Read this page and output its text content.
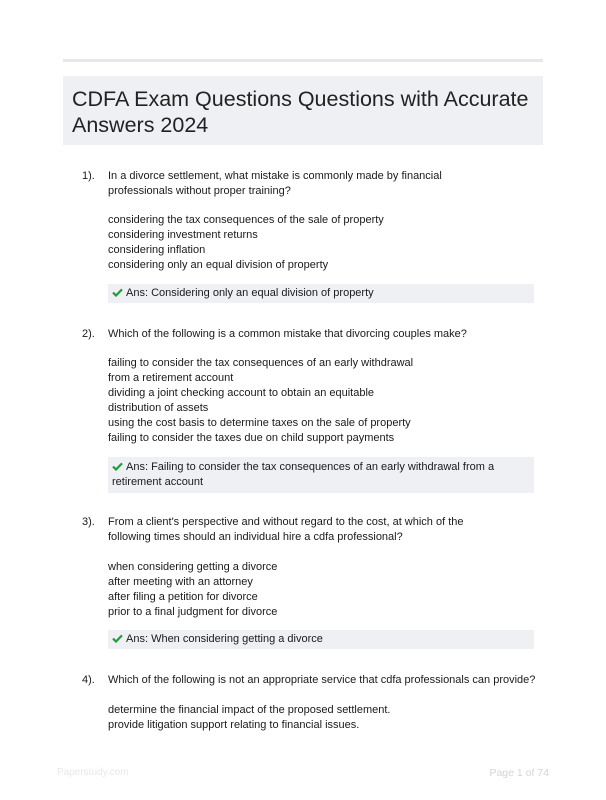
CDFA Exam Questions Questions with Accurate Answers 2024
1). In a divorce settlement, what mistake is commonly made by financial professionals without proper training?
considering the tax consequences of the sale of property
considering investment returns
considering inflation
considering only an equal division of property
Ans: Considering only an equal division of property
2). Which of the following is a common mistake that divorcing couples make?
failing to consider the tax consequences of an early withdrawal
from a retirement account
dividing a joint checking account to obtain an equitable
distribution of assets
using the cost basis to determine taxes on the sale of property
failing to consider the taxes due on child support payments
Ans: Failing to consider the tax consequences of an early withdrawal from a retirement account
3). From a client's perspective and without regard to the cost, at which of the following times should an individual hire a cdfa professional?
when considering getting a divorce
after meeting with an attorney
after filing a petition for divorce
prior to a final judgment for divorce
Ans: When considering getting a divorce
4). Which of the following is not an appropriate service that cdfa professionals can provide?
determine the financial impact of the proposed settlement.
provide litigation support relating to financial issues.
Paperstudy.com	Page 1 of 74
